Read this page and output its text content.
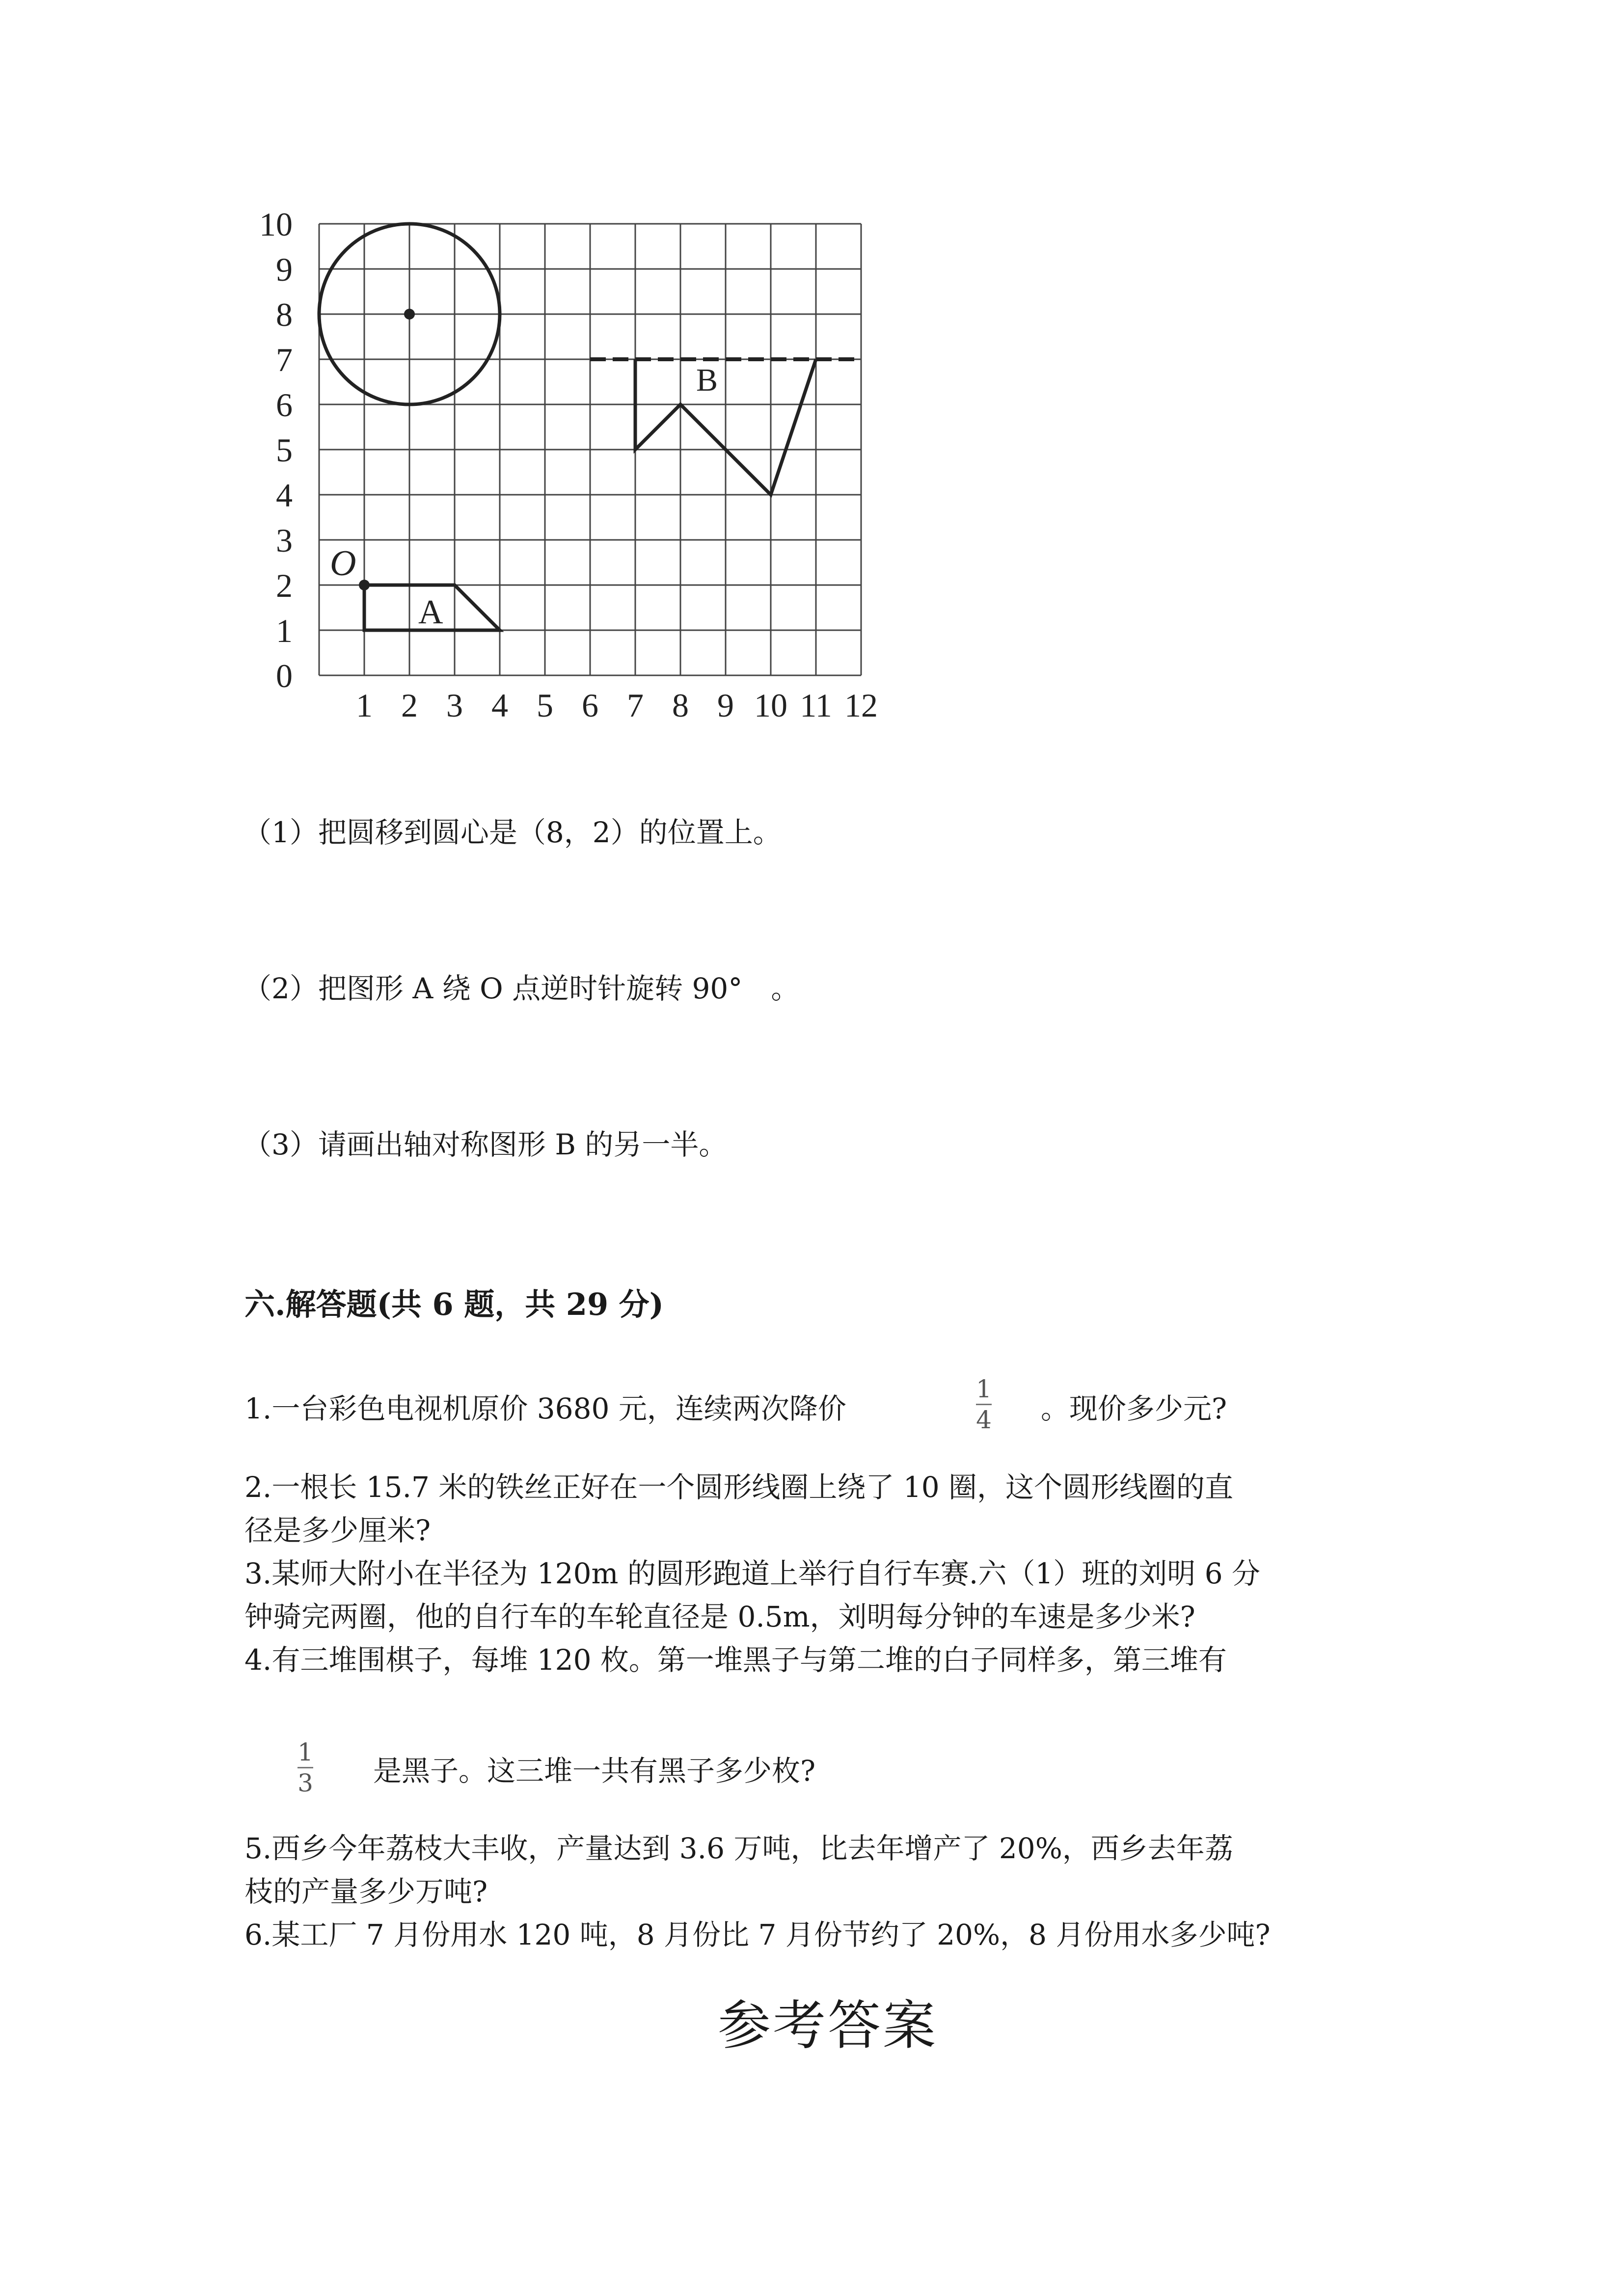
0
1
2
3
4
5
6
7
8
9
10
1 2 3 4 5 6 7 8 9 10 11 12
O
A
B
（1）把圆移到圆心是（8，2）的位置上。
（2）把图形 A 绕 O 点逆时针旋转 90°　。
（3）请画出轴对称图形 B 的另一半。
六.解答题(共 6 题，共 29 分)
1.一台彩色电视机原价 3680 元，连续两次降价
1
4 。现价多少元?
2.一根长 15.7 米的铁丝正好在一个圆形线圈上绕了 10 圈，这个圆形线圈的直
径是多少厘米?
3.某师大附小在半径为 120m 的圆形跑道上举行自行车赛.六（1）班的刘明 6 分
钟骑完两圈，他的自行车的车轮直径是 0.5m，刘明每分钟的车速是多少米?
4.有三堆围棋子，每堆 120 枚。第一堆黑子与第二堆的白子同样多，第三堆有
1
3 是黑子。这三堆一共有黑子多少枚?
5.西乡今年荔枝大丰收，产量达到 3.6 万吨，比去年增产了 20%，西乡去年荔
枝的产量多少万吨?
6.某工厂 7 月份用水 120 吨，8 月份比 7 月份节约了 20%，8 月份用水多少吨?
参考答案
